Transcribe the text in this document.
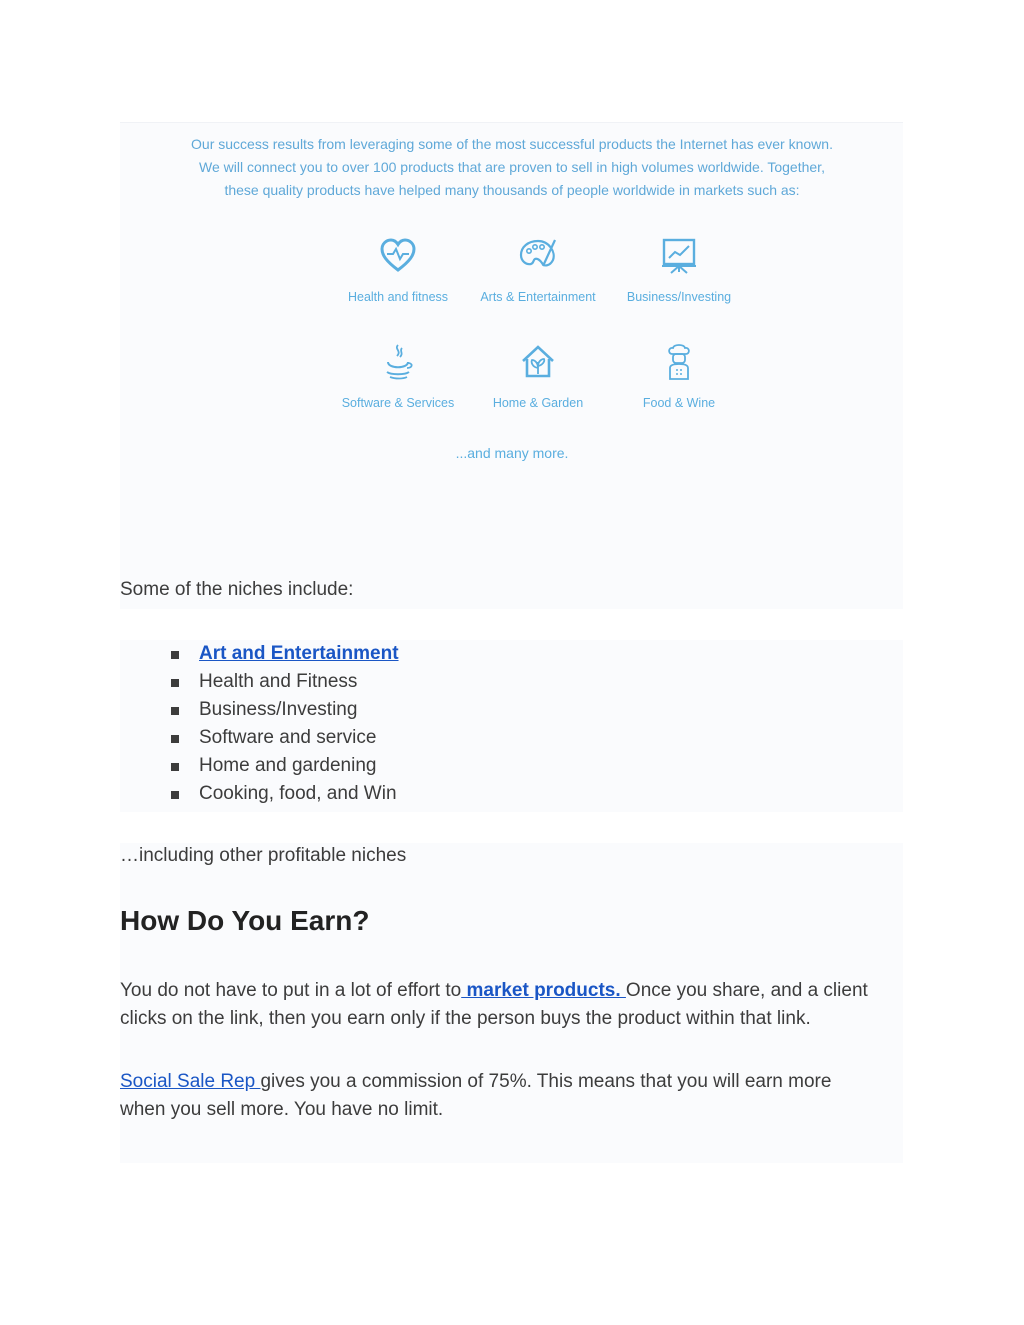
Our success results from leveraging some of the most successful products the Internet has ever known.
We will connect you to over 100 products that are proven to sell in high volumes worldwide. Together,
these quality products have helped many thousands of people worldwide in markets such as:
Health and fitness	Arts & Entertainment	Business/Investing
Software & Services	Home & Garden	Food & Wine
...and many more.
Some of the niches include:
Art and Entertainment
Health and Fitness
Business/Investing
Software and service
Home and gardening
Cooking, food, and Win
…including other profitable niches
How Do You Earn?
You do not have to put in a lot of effort to market products. Once you share, and a client
clicks on the link, then you earn only if the person buys the product within that link.
Social Sale Rep gives you a commission of 75%. This means that you will earn more
when you sell more. You have no limit.
